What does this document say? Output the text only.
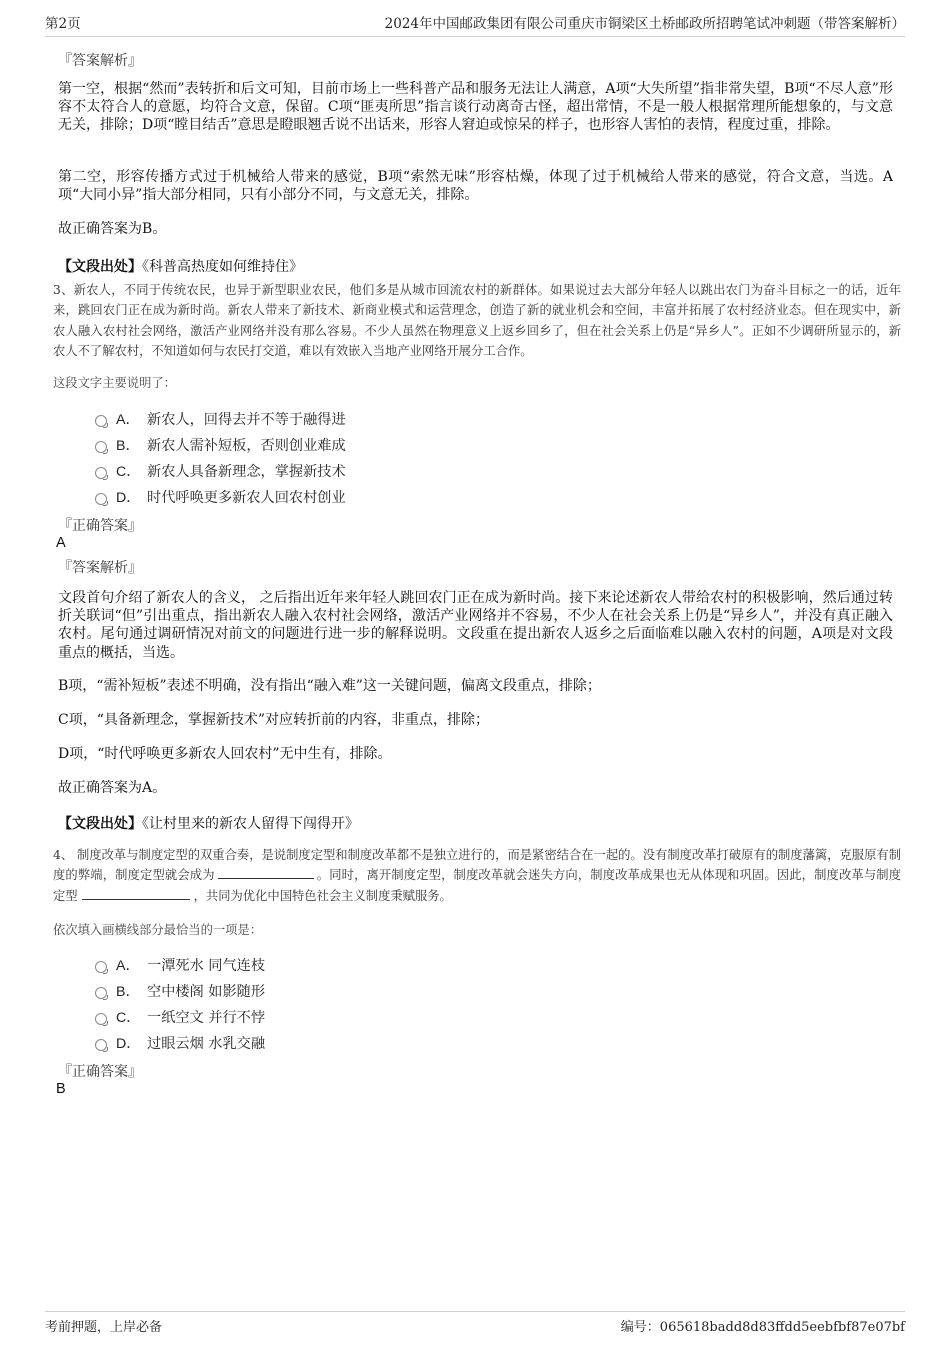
第2页	2024年中国邮政集团有限公司重庆市铜梁区土桥邮政所招聘笔试冲刺题（带答案解析）
『答案解析』
第一空，根据“然而”表转折和后文可知，目前市场上一些科普产品和服务无法让人满意，A项“大失所望”指非常失望，B项“不尽人意”形容不太符合人的意愿，均符合文意，保留。C项“匪夷所思”指言谈行动离奇古怪，超出常情，不是一般人根据常理所能想象的，与文意无关，排除；D项“瞠目结舌”意思是瞪眼翘舌说不出话来，形容人窘迫或惊呆的样子，也形容人害怕的表情，程度过重，排除。
第二空，形容传播方式过于机械给人带来的感觉，B项“索然无味”形容枯燥，体现了过于机械给人带来的感觉，符合文意，当选。A项“大同小异”指大部分相同，只有小部分不同，与文意无关，排除。
故正确答案为B。
【文段出处】《科普高热度如何维持住》
3、新农人，不同于传统农民，也异于新型职业农民，他们多是从城市回流农村的新群体。如果说过去大部分年轻人以跳出农门为奋斗目标之一的话，近年来，跳回农门正在成为新时尚。新农人带来了新技术、新商业模式和运营理念，创造了新的就业机会和空间，丰富并拓展了农村经济业态。但在现实中，新农人融入农村社会网络，激活产业网络并没有那么容易。不少人虽然在物理意义上返乡回乡了，但在社会关系上仍是“异乡人”。正如不少调研所显示的，新农人不了解农村，不知道如何与农民打交道，难以有效嵌入当地产业网络开展分工合作。
这段文字主要说明了：
A． 新农人，回得去并不等于融得进
B． 新农人需补短板，否则创业难成
C． 新农人具备新理念，掌握新技术
D． 时代呼唤更多新农人回农村创业
『正确答案』
A
『答案解析』
文段首句介绍了新农人的含义， 之后指出近年来年轻人跳回农门正在成为新时尚。接下来论述新农人带给农村的积极影响，然后通过转折关联词“但”引出重点，指出新农人融入农村社会网络，激活产业网络并不容易，不少人在社会关系上仍是“异乡人”，并没有真正融入农村。尾句通过调研情况对前文的问题进行进一步的解释说明。文段重在提出新农人返乡之后面临难以融入农村的问题，A项是对文段重点的概括，当选。
B项，“需补短板”表述不明确，没有指出“融入难”这一关键问题，偏离文段重点，排除；
C项，“具备新理念，掌握新技术”对应转折前的内容，非重点，排除；
D项，“时代呼唤更多新农人回农村”无中生有，排除。
故正确答案为A。
【文段出处】《让村里来的新农人留得下闯得开》
4、 制度改革与制度定型的双重合奏，是说制度定型和制度改革都不是独立进行的，而是紧密结合在一起的。没有制度改革打破原有的制度藩篱，克服原有制度的弊端，制度定型就会成为	。同时，离开制度定型，制度改革就会迷失方向，制度改革成果也无从体现和巩固。因此，制度改革与制度定型	，共同为优化中国特色社会主义制度秉赋服务。
依次填入画横线部分最恰当的一项是：
A． 一潭死水 同气连枝
B． 空中楼阁 如影随形
C． 一纸空文 并行不悖
D． 过眼云烟 水乳交融
『正确答案』
B
考前押题，上岸必备	编号：065618badd8d83ffdd5eebfbf87e07bf
